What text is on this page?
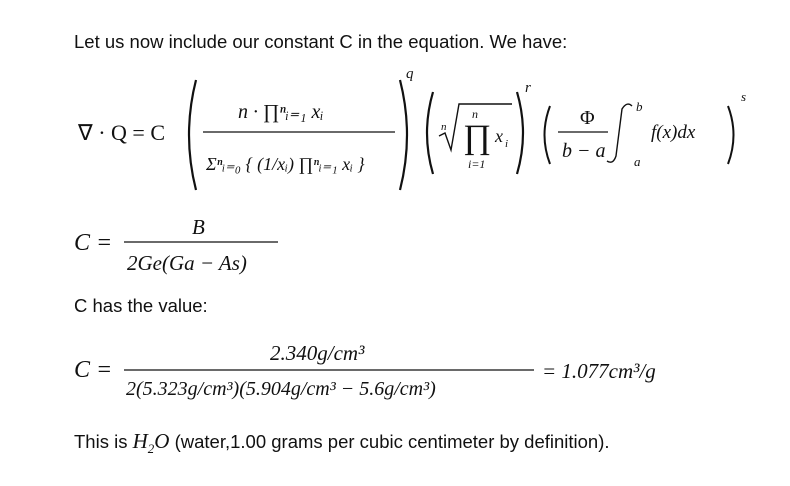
Let us now include our constant C in the equation. We have:
∇ · Q = C
n · ∏ⁿᵢ₌₁ xᵢ
Σⁿᵢ₌₀ { (1/xᵢ) ∏ⁿᵢ₌₁ xᵢ }
q
n
n
∏ x i
i=1
r
Φ
b − a
b
a
f(x)dx
s
C =
B
2Ge(Ga − As)
C has the value:
C =
2.340g/cm³
2(5.323g/cm³)(5.904g/cm³ − 5.6g/cm³)
= 1.077cm³/g
This is $H_2O$ (water,1.00 grams per cubic centimeter by definition).
